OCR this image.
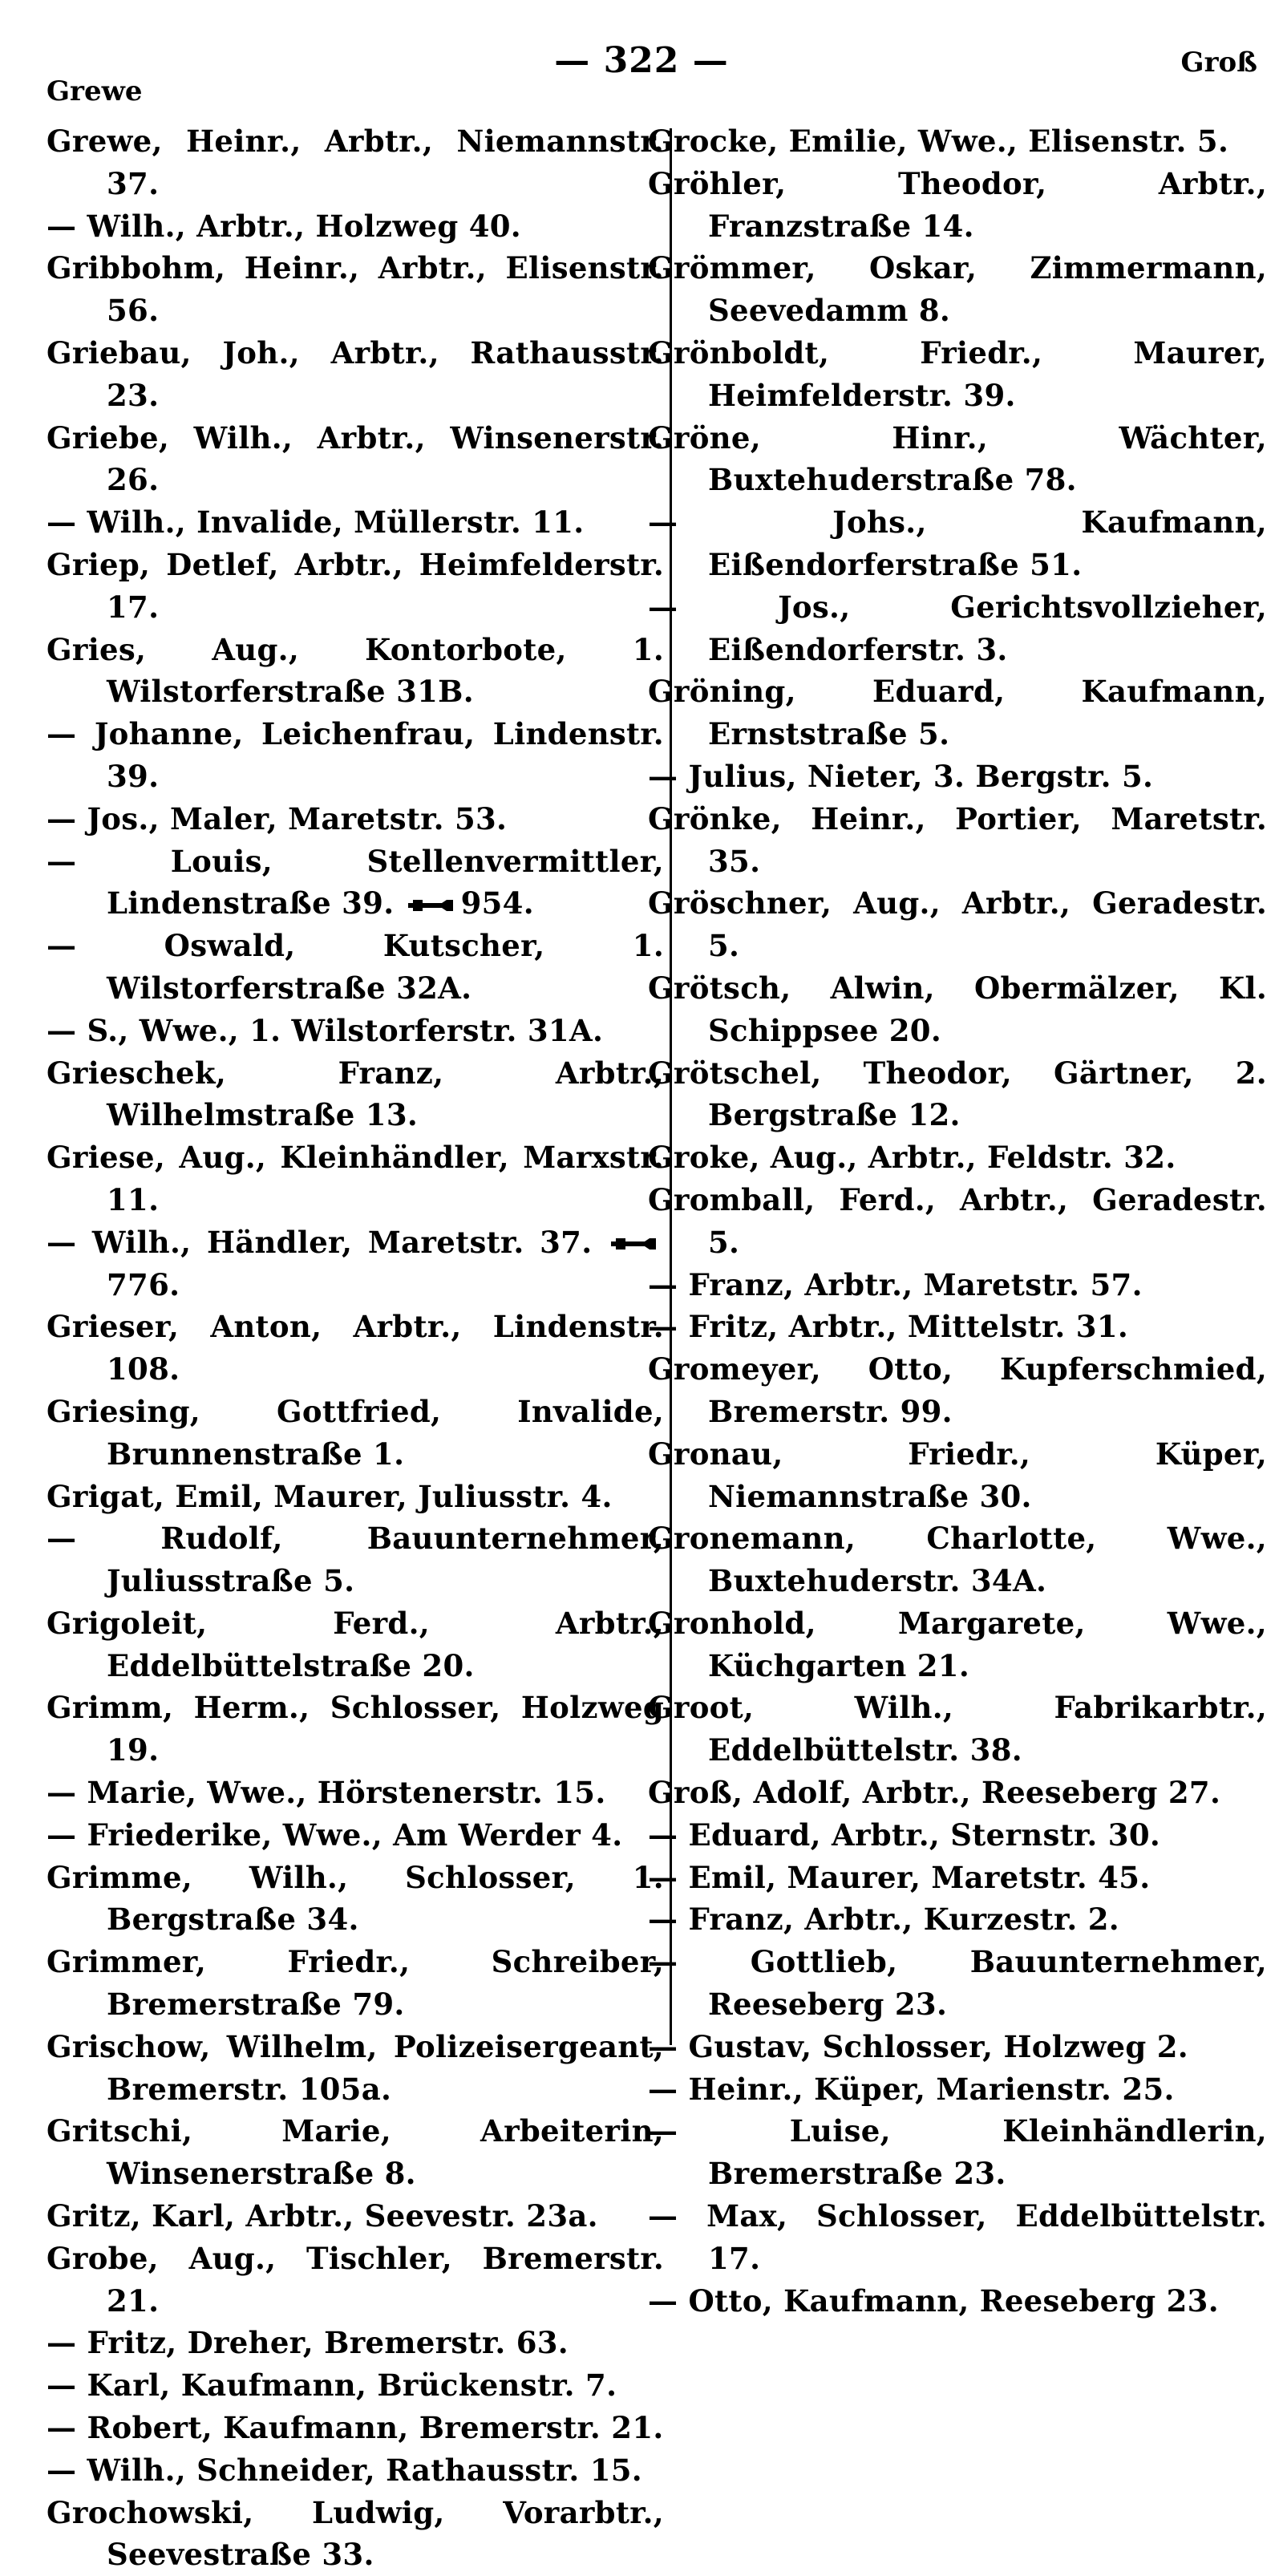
Grewe
— 322 —	Groß
Grewe, Heinr., Arbtr., Niemannstr. 37.
— Wilh., Arbtr., Holzweg 40.
Gribbohm, Heinr., Arbtr., Elisenstr. 56.
Griebau, Joh., Arbtr., Rathausstr. 23.
Griebe, Wilh., Arbtr., Winsenerstr. 26.
— Wilh., Invalide, Müllerstr. 11.
Griep, Detlef, Arbtr., Heimfelderstr. 17.
Gries, Aug., Kontorbote, 1. Wilstorferstraße 31B.
— Johanne, Leichenfrau, Lindenstr. 39.
— Jos., Maler, Maretstr. 53.
— Louis, Stellenvermittler, Lindenstraße 39. 954.
— Oswald, Kutscher, 1. Wilstorferstraße 32A.
— S., Wwe., 1. Wilstorferstr. 31A.
Grieschek, Franz, Arbtr., Wilhelmstraße 13.
Griese, Aug., Kleinhändler, Marxstr. 11.
— Wilh., Händler, Maretstr. 37. 776.
Grieser, Anton, Arbtr., Lindenstr. 108.
Griesing, Gottfried, Invalide, Brunnenstraße 1.
Grigat, Emil, Maurer, Juliusstr. 4.
— Rudolf, Bauunternehmer, Juliusstraße 5.
Grigoleit, Ferd., Arbtr., Eddelbüttelstraße 20.
Grimm, Herm., Schlosser, Holzweg 19.
— Marie, Wwe., Hörstenerstr. 15.
— Friederike, Wwe., Am Werder 4.
Grimme, Wilh., Schlosser, 1. Bergstraße 34.
Grimmer, Friedr., Schreiber, Bremerstraße 79.
Grischow, Wilhelm, Polizeisergeant, Bremerstr. 105a.
Gritschi, Marie, Arbeiterin, Winsenerstraße 8.
Gritz, Karl, Arbtr., Seevestr. 23a.
Grobe, Aug., Tischler, Bremerstr. 21.
— Fritz, Dreher, Bremerstr. 63.
— Karl, Kaufmann, Brückenstr. 7.
— Robert, Kaufmann, Bremerstr. 21.
— Wilh., Schneider, Rathausstr. 15.
Grochowski, Ludwig, Vorarbtr., Seevestraße 33.
Grocke, Emilie, Wwe., Elisenstr. 5.
Gröhler, Theodor, Arbtr., Franzstraße 14.
Grömmer, Oskar, Zimmermann, Seevedamm 8.
Grönboldt, Friedr., Maurer, Heimfelderstr. 39.
Gröne, Hinr., Wächter, Buxtehuderstraße 78.
— Johs., Kaufmann, Eißendorferstraße 51.
— Jos., Gerichtsvollzieher, Eißendorferstr. 3.
Gröning, Eduard, Kaufmann, Ernststraße 5.
— Julius, Nieter, 3. Bergstr. 5.
Grönke, Heinr., Portier, Maretstr. 35.
Gröschner, Aug., Arbtr., Geradestr. 5.
Grötsch, Alwin, Obermälzer, Kl. Schippsee 20.
Grötschel, Theodor, Gärtner, 2. Bergstraße 12.
Groke, Aug., Arbtr., Feldstr. 32.
Gromball, Ferd., Arbtr., Geradestr. 5.
— Franz, Arbtr., Maretstr. 57.
— Fritz, Arbtr., Mittelstr. 31.
Gromeyer, Otto, Kupferschmied, Bremerstr. 99.
Gronau, Friedr., Küper, Niemannstraße 30.
Gronemann, Charlotte, Wwe., Buxtehuderstr. 34A.
Gronhold, Margarete, Wwe., Küchgarten 21.
Groot, Wilh., Fabrikarbtr., Eddelbüttelstr. 38.
Groß, Adolf, Arbtr., Reeseberg 27.
— Eduard, Arbtr., Sternstr. 30.
— Emil, Maurer, Maretstr. 45.
— Franz, Arbtr., Kurzestr. 2.
— Gottlieb, Bauunternehmer, Reeseberg 23.
— Gustav, Schlosser, Holzweg 2.
— Heinr., Küper, Marienstr. 25.
— Luise, Kleinhändlerin, Bremerstraße 23.
— Max, Schlosser, Eddelbüttelstr. 17.
— Otto, Kaufmann, Reeseberg 23.
